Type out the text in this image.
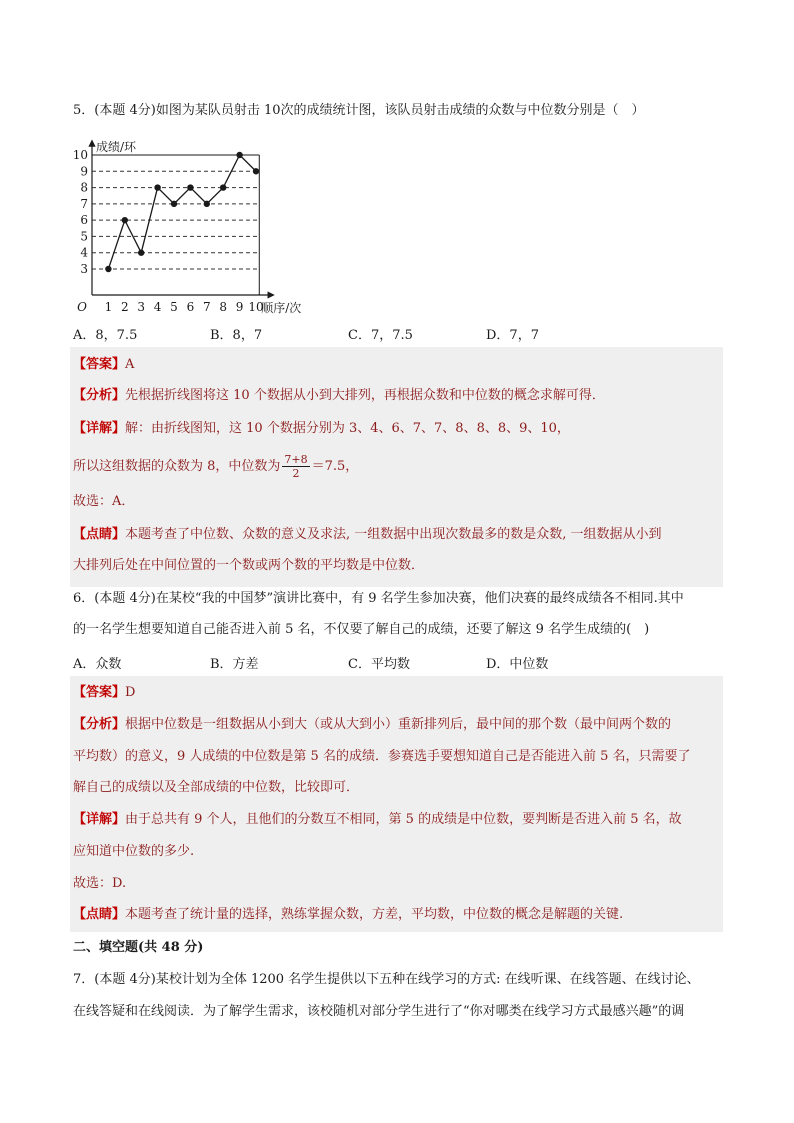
5．(本题 4分)如图为某队员射击 10次的成绩统计图，该队员射击成绩的众数与中位数分别是（　）
3
4
5
6
7
8
9
10
1 2 3 4 5 6 7 8 9 10
O
成绩/环
顺序/次
A．8，7.5	B．8，7	C．7，7.5	D．7，7
【答案】A
【分析】先根据折线图将这 10 个数据从小到大排列，再根据众数和中位数的概念求解可得．
【详解】解：由折线图知，这 10 个数据分别为 3、4、6、7、7、8、8、8、9、10，
所以这组数据的众数为 8，中位数为 $\frac{7+8}{2} =7.5$，
故选：A．
【点睛】本题考查了中位数、众数的意义及求法, 一组数据中出现次数最多的数是众数, 一组数据从小到
大排列后处在中间位置的一个数或两个数的平均数是中位数．
6．(本题 4分)在某校“我的中国梦”演讲比赛中，有 9 名学生参加决赛，他们决赛的最终成绩各不相同.其中
的一名学生想要知道自己能否进入前 5 名，不仅要了解自己的成绩，还要了解这 9 名学生成绩的(　)
A．众数	B．方差	C．平均数	D．中位数
【答案】D
【分析】根据中位数是一组数据从小到大（或从大到小）重新排列后，最中间的那个数（最中间两个数的
平均数）的意义，9 人成绩的中位数是第 5 名的成绩．参赛选手要想知道自己是否能进入前 5 名，只需要了
解自己的成绩以及全部成绩的中位数，比较即可．
【详解】由于总共有 9 个人，且他们的分数互不相同，第 5 的成绩是中位数，要判断是否进入前 5 名，故
应知道中位数的多少.
故选：D.
【点睛】本题考查了统计量的选择，熟练掌握众数，方差，平均数，中位数的概念是解题的关键.
二、填空题(共 48 分)
7．(本题 4分)某校计划为全体 1200 名学生提供以下五种在线学习的方式: 在线听课、在线答题、在线讨论、
在线答疑和在线阅读．为了解学生需求，该校随机对部分学生进行了“你对哪类在线学习方式最感兴趣”的调
